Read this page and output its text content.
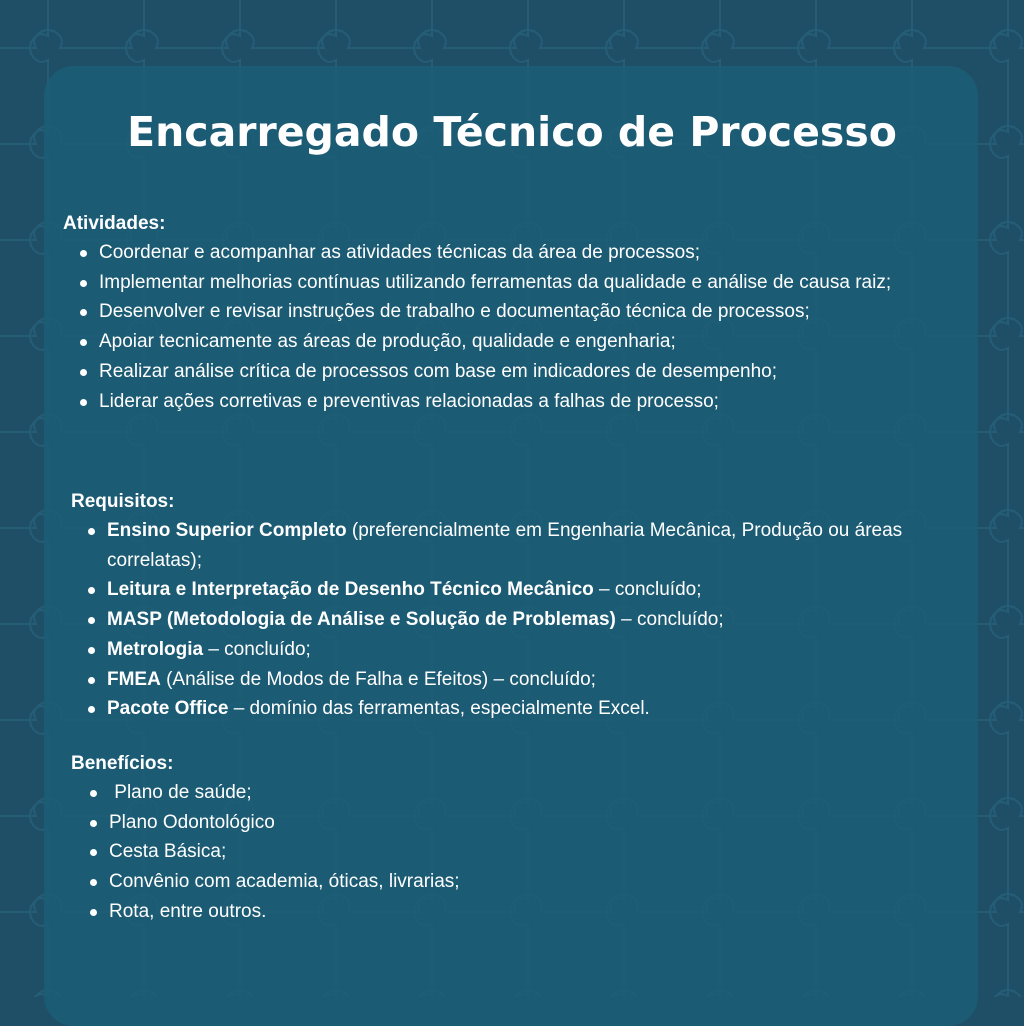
Encarregado Técnico de Processo

Atividades:

Coordenar e acompanhar as atividades técnicas da área de processos;
Implementar melhorias contínuas utilizando ferramentas da qualidade e análise de causa raiz;
Desenvolver e revisar instruções de trabalho e documentação técnica de processos;
Apoiar tecnicamente as áreas de produção, qualidade e engenharia;
Realizar análise crítica de processos com base em indicadores de desempenho;
Liderar ações corretivas e preventivas relacionadas a falhas de processo;

Requisitos:

Ensino Superior Completo (preferencialmente em Engenharia Mecânica, Produção ou áreas correlatas);
Leitura e Interpretação de Desenho Técnico Mecânico – concluído;
MASP (Metodologia de Análise e Solução de Problemas) – concluído;
Metrologia – concluído;
FMEA (Análise de Modos de Falha e Efeitos) – concluído;
Pacote Office – domínio das ferramentas, especialmente Excel.

Benefícios:

Plano de saúde;
Plano Odontológico
Cesta Básica;
Convênio com academia, óticas, livrarias;
Rota, entre outros.
